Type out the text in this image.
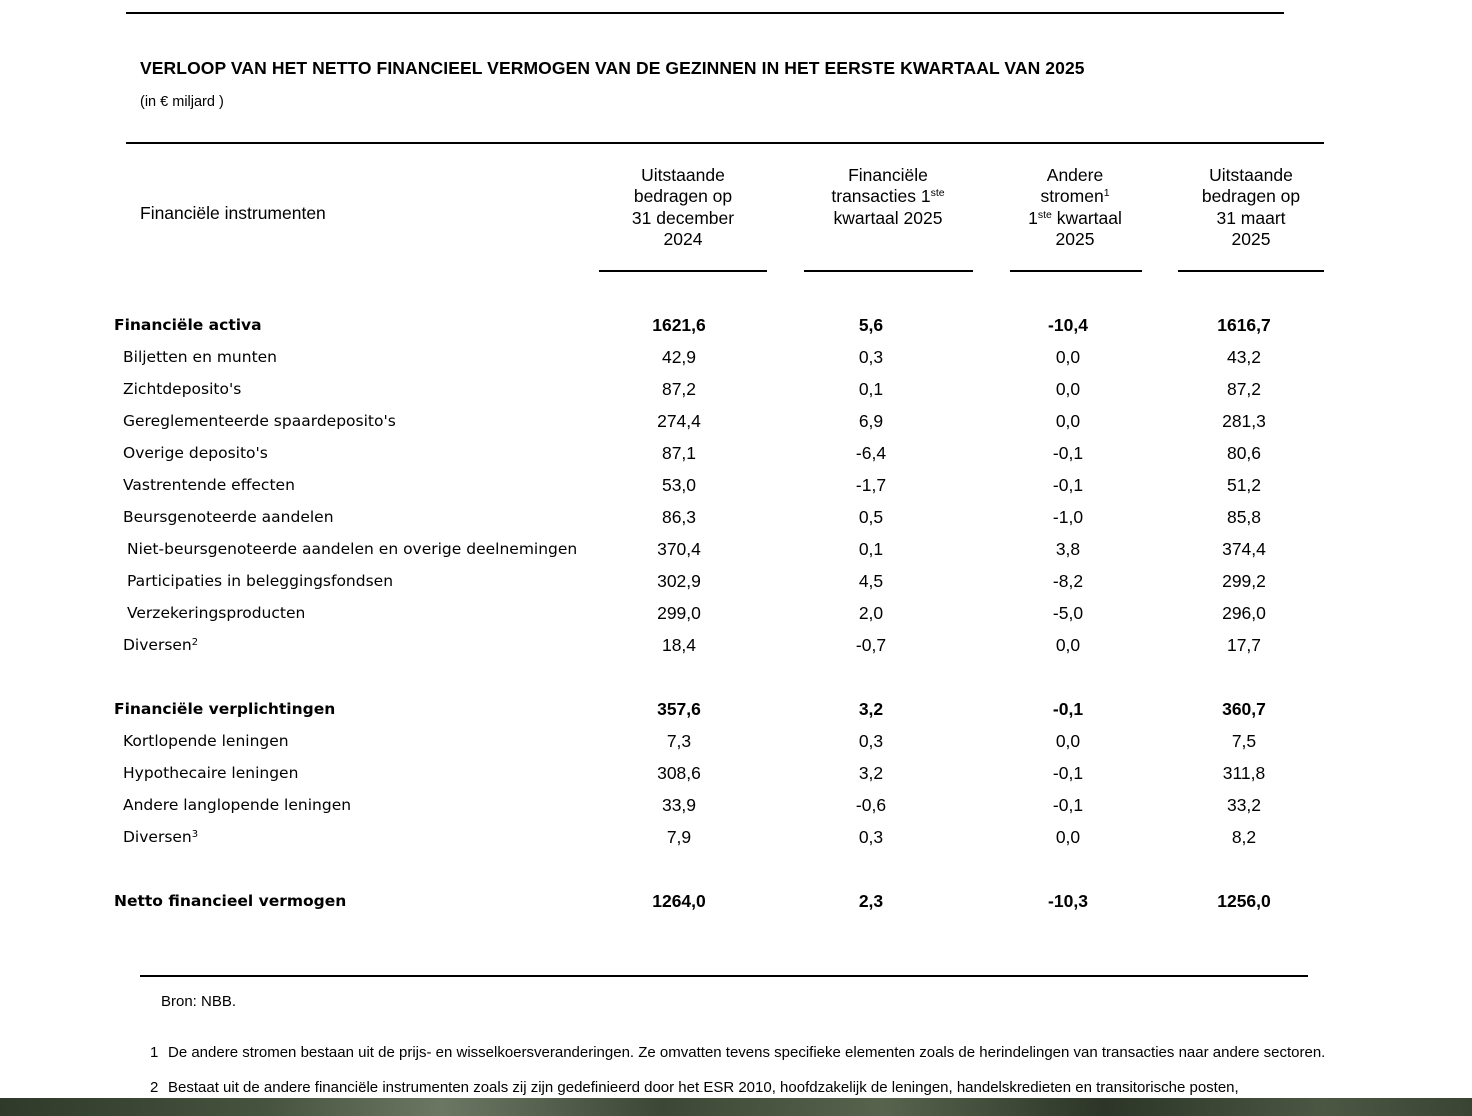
VERLOOP VAN HET NETTO FINANCIEEL VERMOGEN VAN DE GEZINNEN IN HET EERSTE KWARTAAL VAN 2025
(in € miljard )
Financiële instrumenten
Uitstaande
bedragen op
31 december
2024
Financiële
transacties 1ste
kwartaal 2025
Andere
stromen$^1$
1ste kwartaal
2025
Uitstaande
bedragen op
31 maart
2025
Financiële activa	1621,6	5,6	-10,4	1616,7
Biljetten en munten	42,9	0,3	0,0	43,2
Zichtdeposito's	87,2	0,1	0,0	87,2
Gereglementeerde spaardeposito's	274,4	6,9	0,0	281,3
Overige deposito's	87,1	-6,4	-0,1	80,6
Vastrentende effecten	53,0	-1,7	-0,1	51,2
Beursgenoteerde aandelen	86,3	0,5	-1,0	85,8
Niet-beursgenoteerde aandelen en overige deelnemingen	370,4	0,1	3,8	374,4
Participaties in beleggingsfondsen	302,9	4,5	-8,2	299,2
Verzekeringsproducten	299,0	2,0	-5,0	296,0
Diversen$^2$	18,4	-0,7	0,0	17,7
Financiële verplichtingen	357,6	3,2	-0,1	360,7
Kortlopende leningen	7,3	0,3	0,0	7,5
Hypothecaire leningen	308,6	3,2	-0,1	311,8
Andere langlopende leningen	33,9	-0,6	-0,1	33,2
Diversen$^3$	7,9	0,3	0,0	8,2
Netto financieel vermogen	1264,0	2,3	-10,3	1256,0
Bron: NBB.
1 De andere stromen bestaan uit de prijs- en wisselkoersveranderingen. Ze omvatten tevens specifieke elementen zoals de herindelingen van transacties naar andere sectoren.
2 Bestaat uit de andere financiële instrumenten zoals zij zijn gedefinieerd door het ESR 2010, hoofdzakelijk de leningen, handelskredieten en transitorische posten,
